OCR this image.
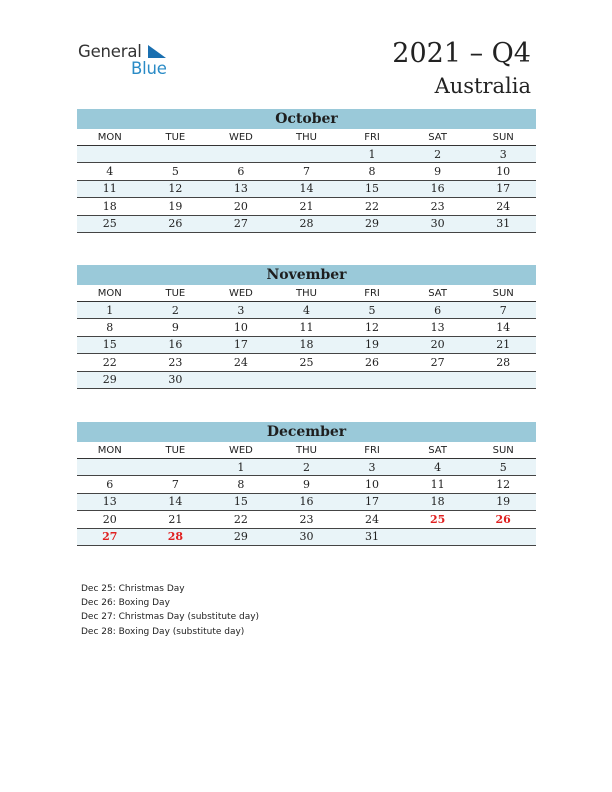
General
Blue	2021 – Q4
Australia
October
MON	TUE	WED	THU	FRI	SAT	SUN
				1	2	3
4	5	6	7	8	9	10
11	12	13	14	15	16	17
18	19	20	21	22	23	24
25	26	27	28	29	30	31
November
MON	TUE	WED	THU	FRI	SAT	SUN
1	2	3	4	5	6	7
8	9	10	11	12	13	14
15	16	17	18	19	20	21
22	23	24	25	26	27	28
29	30					
December
MON	TUE	WED	THU	FRI	SAT	SUN
		1	2	3	4	5
6	7	8	9	10	11	12
13	14	15	16	17	18	19
20	21	22	23	24	25	26
27	28	29	30	31		
Dec 25: Christmas Day
Dec 26: Boxing Day
Dec 27: Christmas Day (substitute day)
Dec 28: Boxing Day (substitute day)
